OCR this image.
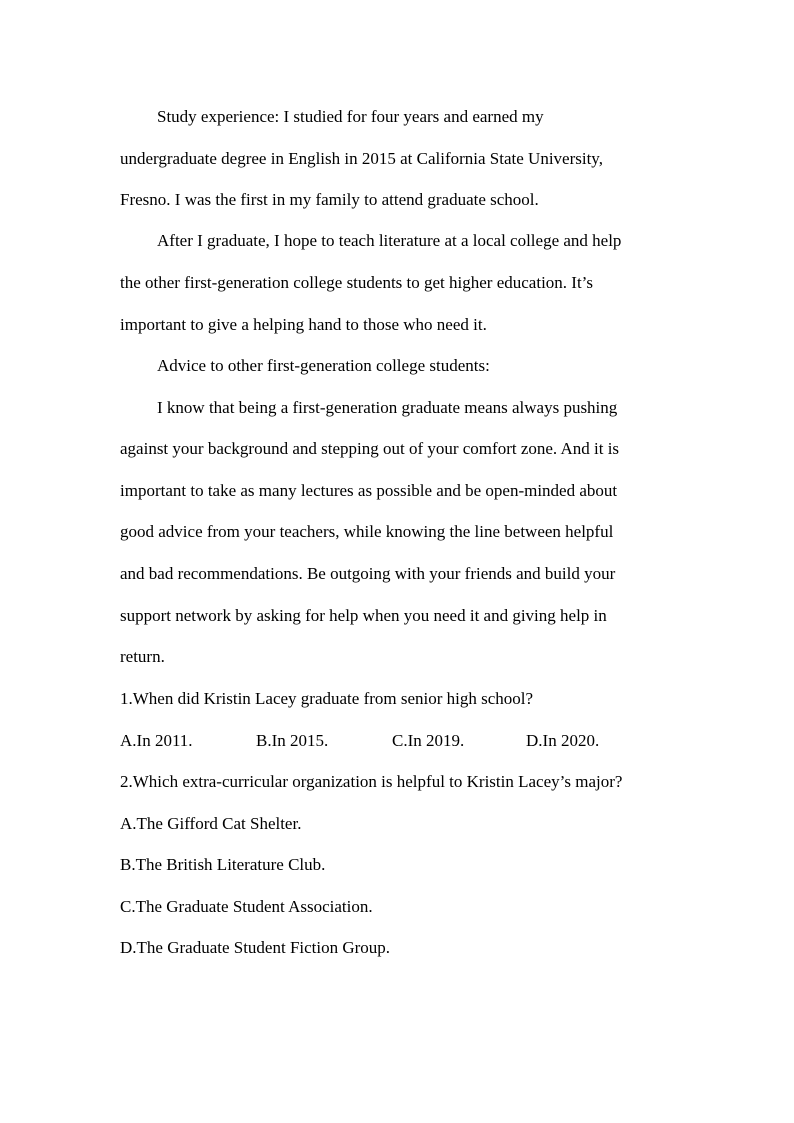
Study experience: I studied for four years and earned my
undergraduate degree in English in 2015 at California State University,
Fresno. I was the first in my family to attend graduate school.
After I graduate, I hope to teach literature at a local college and help
the other first-generation college students to get higher education. It’s
important to give a helping hand to those who need it.
Advice to other first-generation college students:
I know that being a first-generation graduate means always pushing
against your background and stepping out of your comfort zone. And it is
important to take as many lectures as possible and be open-minded about
good advice from your teachers, while knowing the line between helpful
and bad recommendations. Be outgoing with your friends and build your
support network by asking for help when you need it and giving help in
return.
1.When did Kristin Lacey graduate from senior high school?
A.In 2011.	B.In 2015.	C.In 2019.	D.In 2020.
2.Which extra-curricular organization is helpful to Kristin Lacey’s major?
A.The Gifford Cat Shelter.
B.The British Literature Club.
C.The Graduate Student Association.
D.The Graduate Student Fiction Group.
